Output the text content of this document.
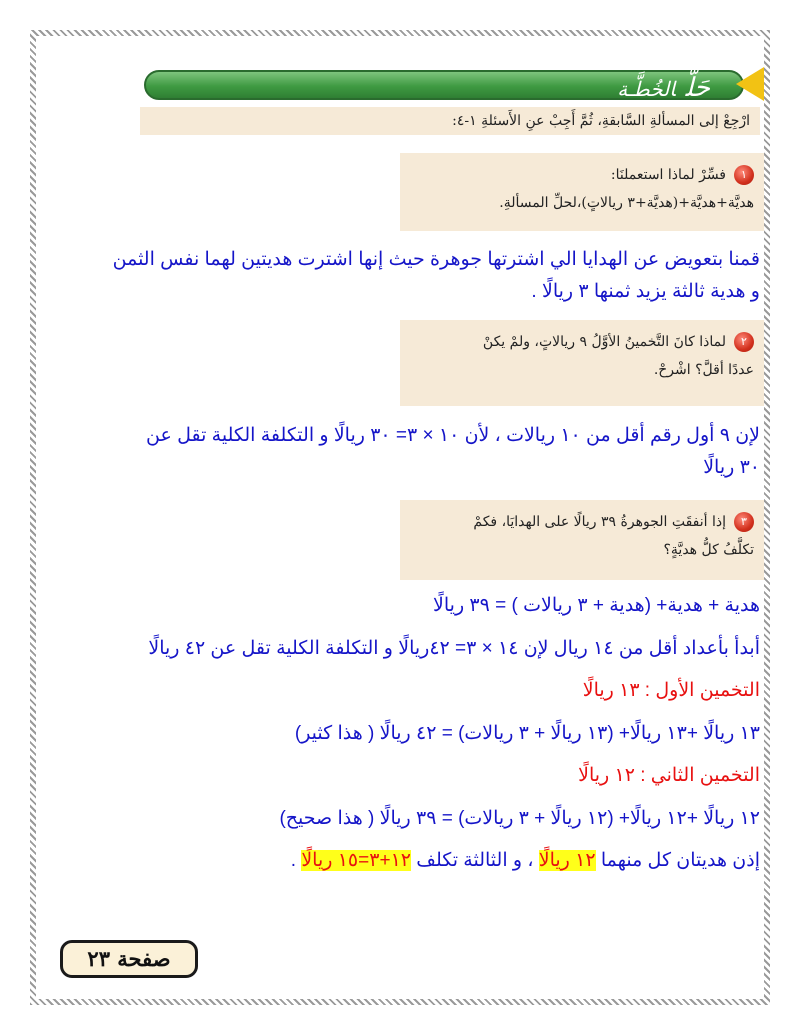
حَلّالخُطَّـة
ارْجِعْ إلى المسألةِ السَّابقةِ، ثُمَّ أَجِبْ عنِ الأَسئلةِ ١-٤:
١فسِّرْ لماذا استعملنَا:
هديَّة+هديَّة+(هديَّة+٣ ريالاتٍ)،لحلِّ المسألةِ.
قمنا بتعويض عن الهدايا الي اشترتها جوهرة حيث إنها اشترت هديتين لهما نفس الثمن
و هدية ثالثة يزيد ثمنها ٣ ريالًا .
٢لماذا كانَ التَّخمينُ الأوَّلُ ٩ ريالاتٍ، ولمْ يكنْ
عددًا أقلَّ؟ اشْرحْ.
لإن ٩ أول رقم أقل من ١٠ ريالات ، لأن ١٠ × ٣= ٣٠ ريالًا و التكلفة الكلية تقل عن
٣٠ ريالًا
٣إذا أنفقَتِ الجوهرةُ ٣٩ ريالًا على الهدايَا، فكمْ
تكلَّفُ كلُّ هديَّةٍ؟
هدية + هدية+ (هدية + ٣ ريالات ) = ٣٩ ريالًا
أبدأ بأعداد أقل من ١٤ ريال لإن ١٤ × ٣= ٤٢ريالًا و التكلفة الكلية تقل عن ٤٢ ريالًا
التخمين الأول : ١٣ ريالًا
١٣ ريالًا +١٣ ريالًا+ (١٣ ريالًا + ٣ ريالات) = ٤٢ ريالًا ( هذا كثير)
التخمين الثاني : ١٢ ريالًا
١٢ ريالًا +١٢ ريالًا+ (١٢ ريالًا + ٣ ريالات) = ٣٩ ريالًا ( هذا صحيح)
إذن هديتان كل منهما ١٢ ريالًا ، و الثالثة تكلف ١٢+٣=١٥ ريالًا .
صفحة ٢٣
